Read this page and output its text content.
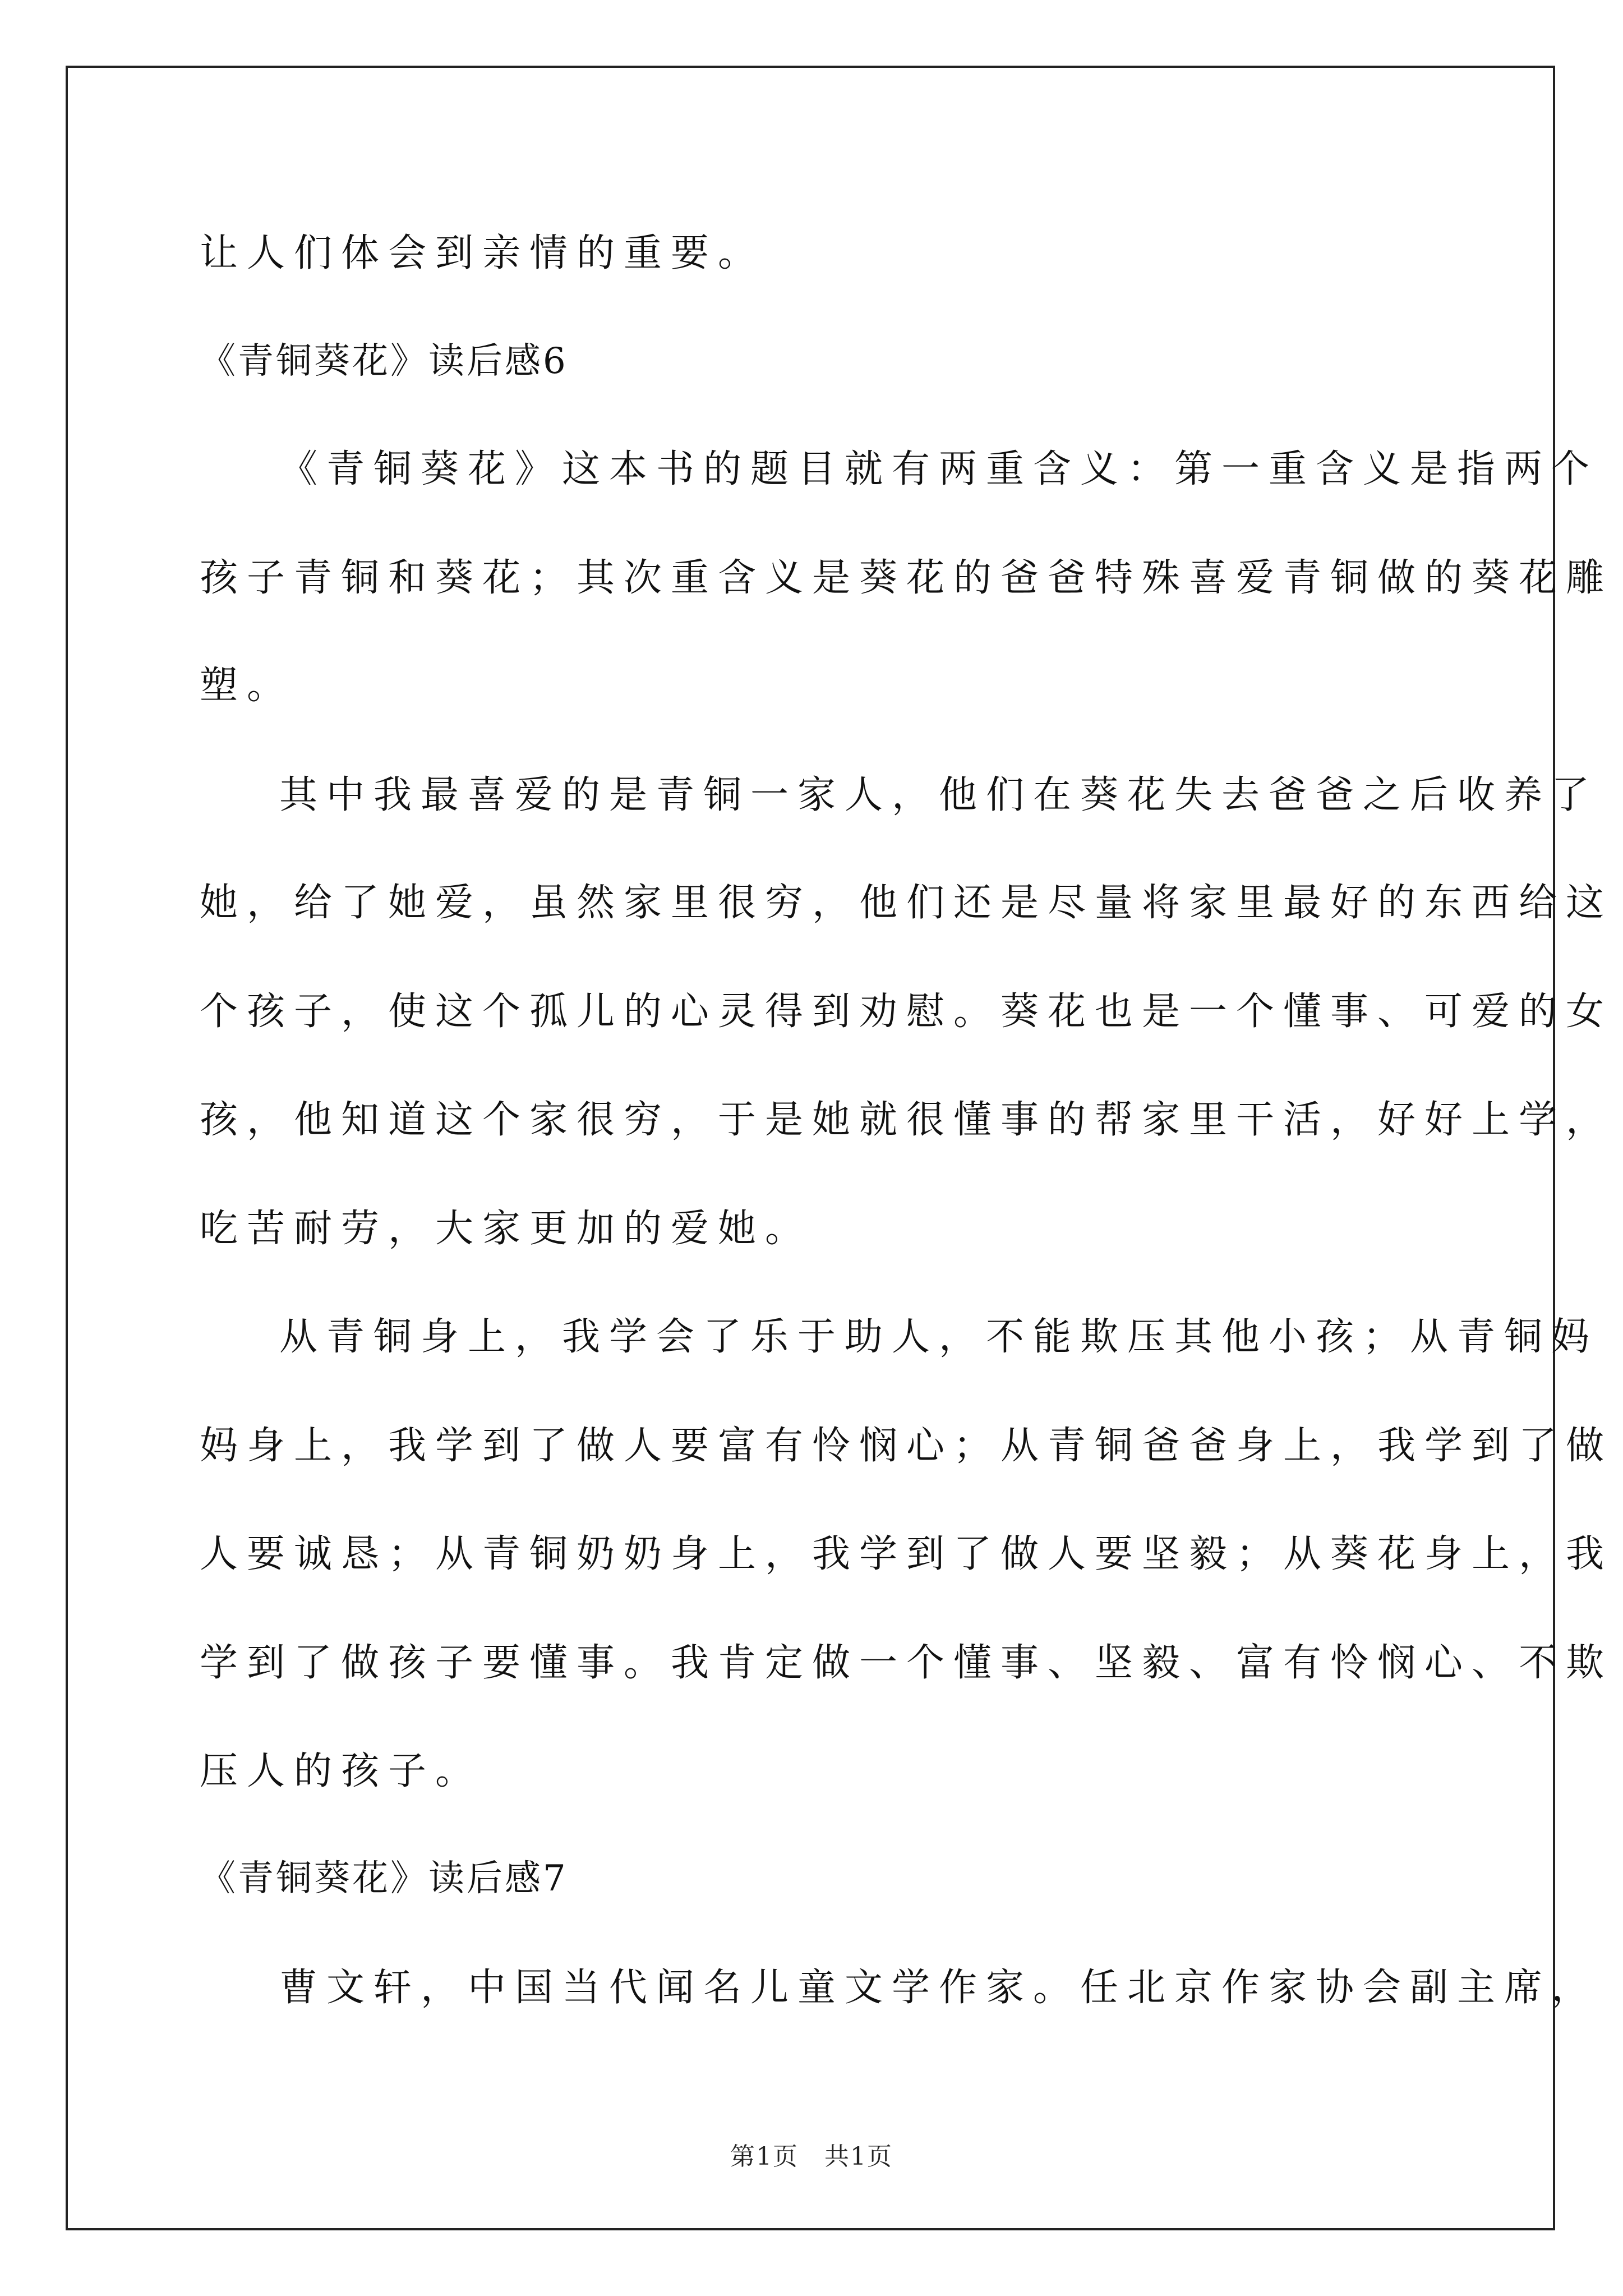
让人们体会到亲情的重要。
《青铜葵花》读后感6
《青铜葵花》这本书的题目就有两重含义：第一重含义是指两个
孩子青铜和葵花；其次重含义是葵花的爸爸特殊喜爱青铜做的葵花雕
塑。
其中我最喜爱的是青铜一家人，他们在葵花失去爸爸之后收养了
她，给了她爱，虽然家里很穷，他们还是尽量将家里最好的东西给这
个孩子，使这个孤儿的心灵得到劝慰。葵花也是一个懂事、可爱的女
孩，他知道这个家很穷，于是她就很懂事的帮家里干活，好好上学，
吃苦耐劳，大家更加的爱她。
从青铜身上，我学会了乐于助人，不能欺压其他小孩；从青铜妈
妈身上，我学到了做人要富有怜悯心；从青铜爸爸身上，我学到了做
人要诚恳；从青铜奶奶身上，我学到了做人要坚毅；从葵花身上，我
学到了做孩子要懂事。我肯定做一个懂事、坚毅、富有怜悯心、不欺
压人的孩子。
《青铜葵花》读后感7
曹文轩，中国当代闻名儿童文学作家。任北京作家协会副主席，
第1页　共1页
